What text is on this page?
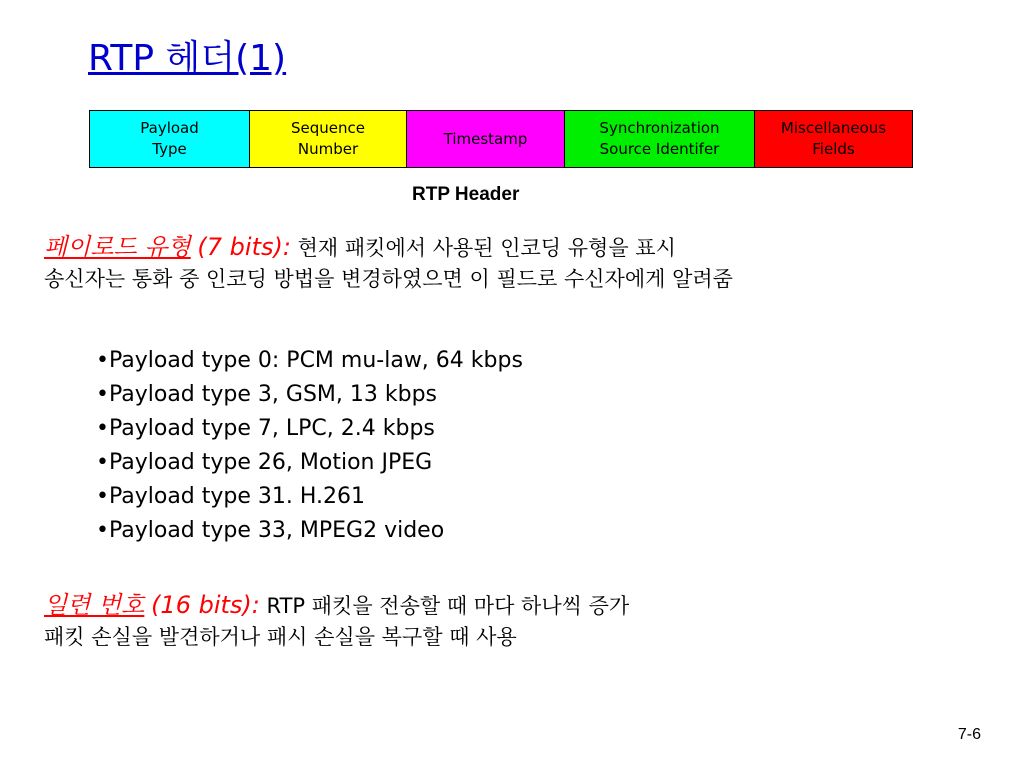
RTP 헤더(1)
Payload
Type
Sequence
Number
Timestamp
Synchronization
Source Identifer
Miscellaneous
Fields
RTP Header
페이로드 유형 (7 bits): 현재 패킷에서 사용된 인코딩 유형을 표시
송신자는 통화 중 인코딩 방법을 변경하였으면 이 필드로 수신자에게 알려줌
•Payload type 0: PCM mu-law, 64 kbps
•Payload type 3, GSM, 13 kbps
•Payload type 7, LPC, 2.4 kbps
•Payload type 26, Motion JPEG
•Payload type 31. H.261
•Payload type 33, MPEG2 video
일련 번호 (16 bits): RTP 패킷을 전송할 때 마다 하나씩 증가
패킷 손실을 발견하거나 패시 손실을 복구할 때 사용
7-6
